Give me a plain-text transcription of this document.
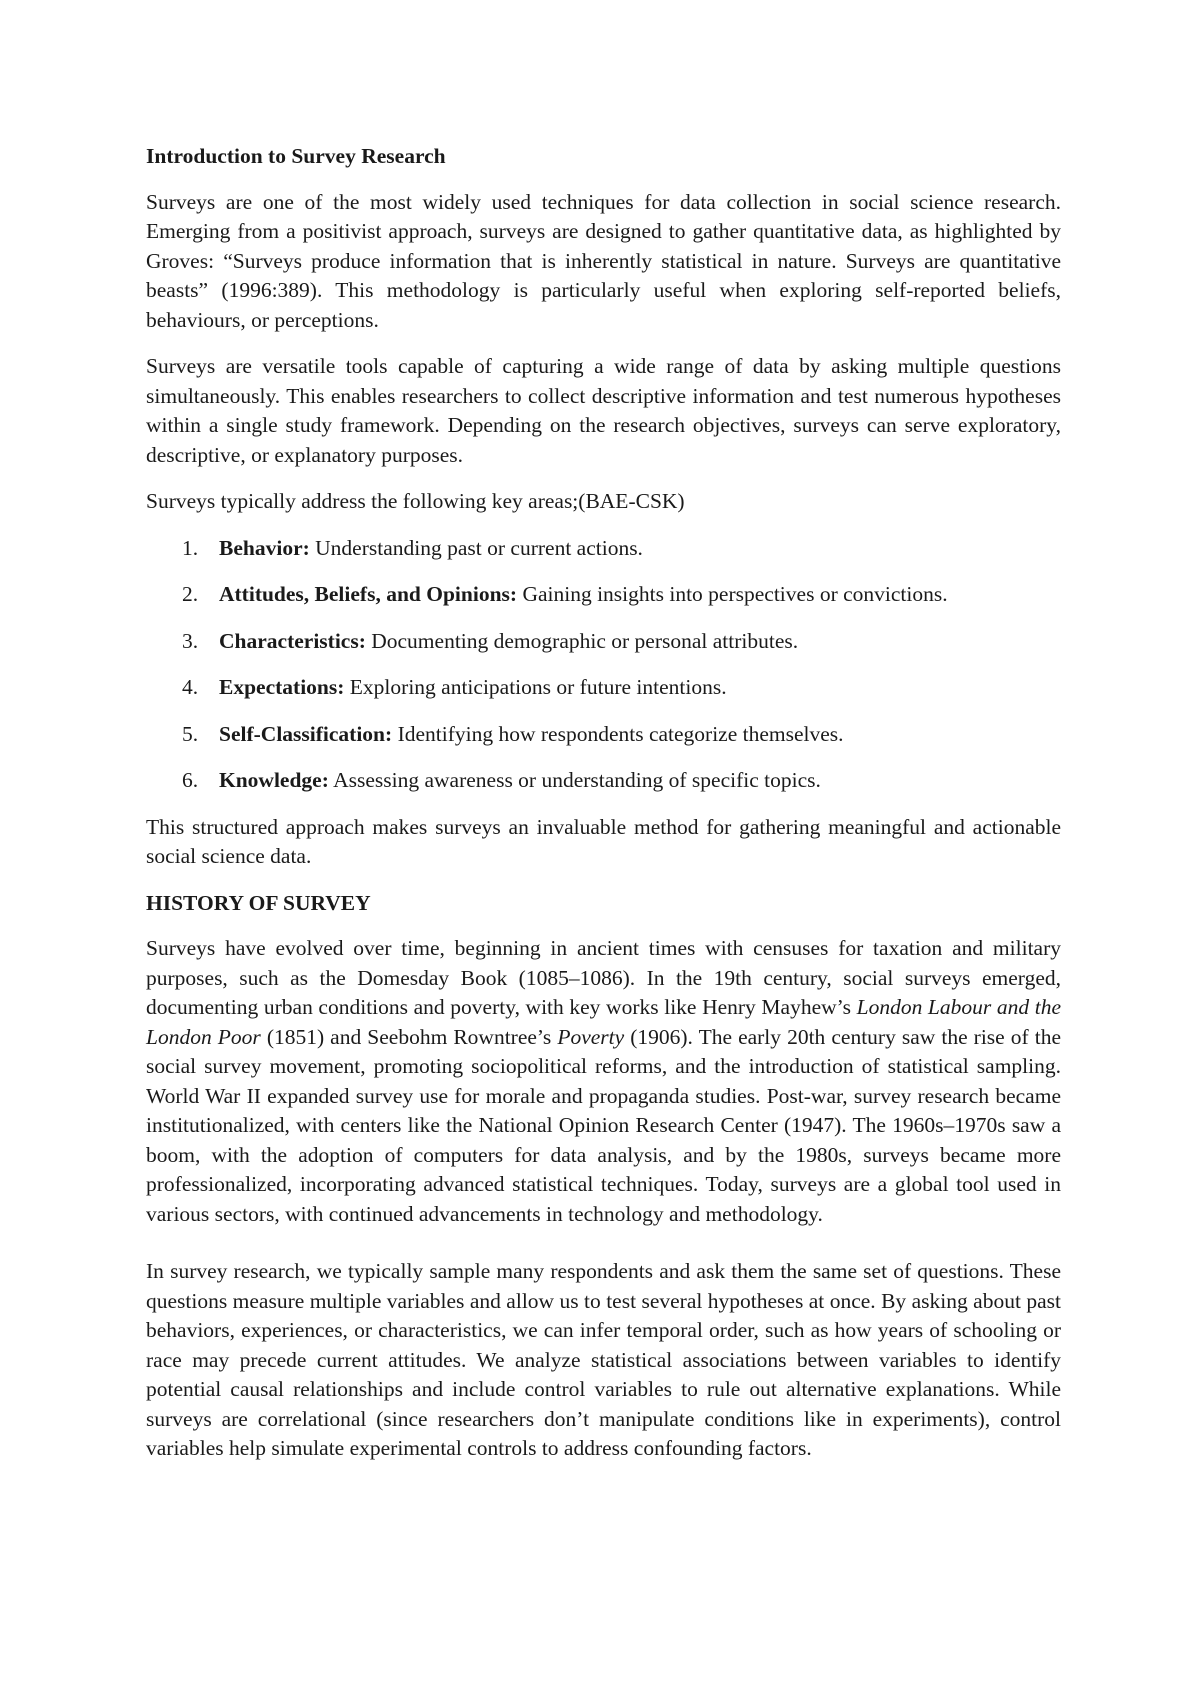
Introduction to Survey Research

Surveys are one of the most widely used techniques for data collection in social science research. Emerging from a positivist approach, surveys are designed to gather quantitative data, as highlighted by Groves: “Surveys produce information that is inherently statistical in nature. Surveys are quantitative beasts” (1996:389). This methodology is particularly useful when exploring self-reported beliefs, behaviours, or perceptions.

Surveys are versatile tools capable of capturing a wide range of data by asking multiple questions simultaneously. This enables researchers to collect descriptive information and test numerous hypotheses within a single study framework. Depending on the research objectives, surveys can serve exploratory, descriptive, or explanatory purposes.

Surveys typically address the following key areas;(BAE-CSK)

1. Behavior: Understanding past or current actions.
2. Attitudes, Beliefs, and Opinions: Gaining insights into perspectives or convictions.
3. Characteristics: Documenting demographic or personal attributes.
4. Expectations: Exploring anticipations or future intentions.
5. Self-Classification: Identifying how respondents categorize themselves.
6. Knowledge: Assessing awareness or understanding of specific topics.

This structured approach makes surveys an invaluable method for gathering meaningful and actionable social science data.

HISTORY OF SURVEY

Surveys have evolved over time, beginning in ancient times with censuses for taxation and military purposes, such as the Domesday Book (1085–1086). In the 19th century, social surveys emerged, documenting urban conditions and poverty, with key works like Henry Mayhew’s London Labour and the London Poor (1851) and Seebohm Rowntree’s Poverty (1906). The early 20th century saw the rise of the social survey movement, promoting sociopolitical reforms, and the introduction of statistical sampling. World War II expanded survey use for morale and propaganda studies. Post-war, survey research became institutionalized, with centers like the National Opinion Research Center (1947). The 1960s–1970s saw a boom, with the adoption of computers for data analysis, and by the 1980s, surveys became more professionalized, incorporating advanced statistical techniques. Today, surveys are a global tool used in various sectors, with continued advancements in technology and methodology.

In survey research, we typically sample many respondents and ask them the same set of questions. These questions measure multiple variables and allow us to test several hypotheses at once. By asking about past behaviors, experiences, or characteristics, we can infer temporal order, such as how years of schooling or race may precede current attitudes. We analyze statistical associations between variables to identify potential causal relationships and include control variables to rule out alternative explanations. While surveys are correlational (since researchers don’t manipulate conditions like in experiments), control variables help simulate experimental controls to address confounding factors.
